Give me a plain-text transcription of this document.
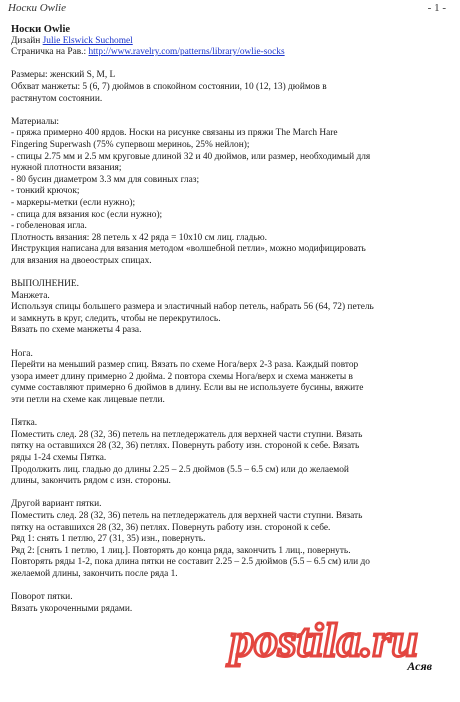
Носки Owlie	- 1 -

Носки Owlie

Дизайн Julie Elswick Suchomel

Страничка на Рав.: http://www.ravelry.com/patterns/library/owlie-socks

Размеры: женский S, M, L

Обхват манжеты: 5 (6, 7) дюймов в спокойном состоянии, 10 (12, 13) дюймов в

растянутом состоянии.

Материалы:

- пряжа примерно 400 ярдов. Носки на рисунке связаны из пряжи The March Hare

Fingering Superwash (75% супервош мериноь, 25% нейлон);

- спицы 2.75 мм и 2.5 мм круговые длиной 32 и 40 дюймов, или размер, необходимый для

нужной плотности вязания;

- 80 бусин диаметром 3.3 мм для совиных глаз;

- тонкий крючок;

- маркеры-метки (если нужно);

- спица для вязания кос (если нужно);

- гобеленовая игла.

Плотность вязания: 28 петель х 42 ряда = 10x10 см лиц. гладью.

Инструкция написана для вязания методом «волшебной петли», можно модифицировать

для вязания на двоеострых спицах.

ВЫПОЛНЕНИЕ.

Манжета.

Используя спицы большего размера и эластичный набор петель, набрать 56 (64, 72) петель

и замкнуть в круг, следить, чтобы не перекрутилось.

Вязать по схеме манжеты 4 раза.

Нога.

Перейти на меньший размер спиц. Вязать по схеме Нога/верх 2-3 раза. Каждый повтор

узора имеет длину примерно 2 дюйма. 2 повтора схемы Нога/верх и схема манжеты в

сумме составляют примерно 6 дюймов в длину. Если вы не используете бусины, вяжите

эти петли на схеме как лицевые петли.

Пятка.

Поместить след. 28 (32, 36) петель на петледержатель для верхней части ступни. Вязать

пятку на оставшихся 28 (32, 36) петлях. Повернуть работу изн. стороной к себе. Вязать

ряды 1-24 схемы Пятка.

Продолжить лиц. гладью до длины 2.25 – 2.5 дюймов (5.5 – 6.5 см) или до желаемой

длины, закончить рядом с изн. стороны.

Другой вариант пятки.

Поместить след. 28 (32, 36) петель на петледержатель для верхней части ступни. Вязать

пятку на оставшихся 28 (32, 36) петлях. Повернуть работу изн. стороной к себе.

Ряд 1: снять 1 петлю, 27 (31, 35) изн., повернуть.

Ряд 2: [снять 1 петлю, 1 лиц.]. Повторять до конца ряда, закончить 1 лиц., повернуть.

Повторять ряды 1-2, пока длина пятки не составит 2.25 – 2.5 дюймов (5.5 – 6.5 см) или до

желаемой длины, закончить после ряда 1.

Поворот пятки.

Вязать укороченными рядами.

postila.ru
Асяв
